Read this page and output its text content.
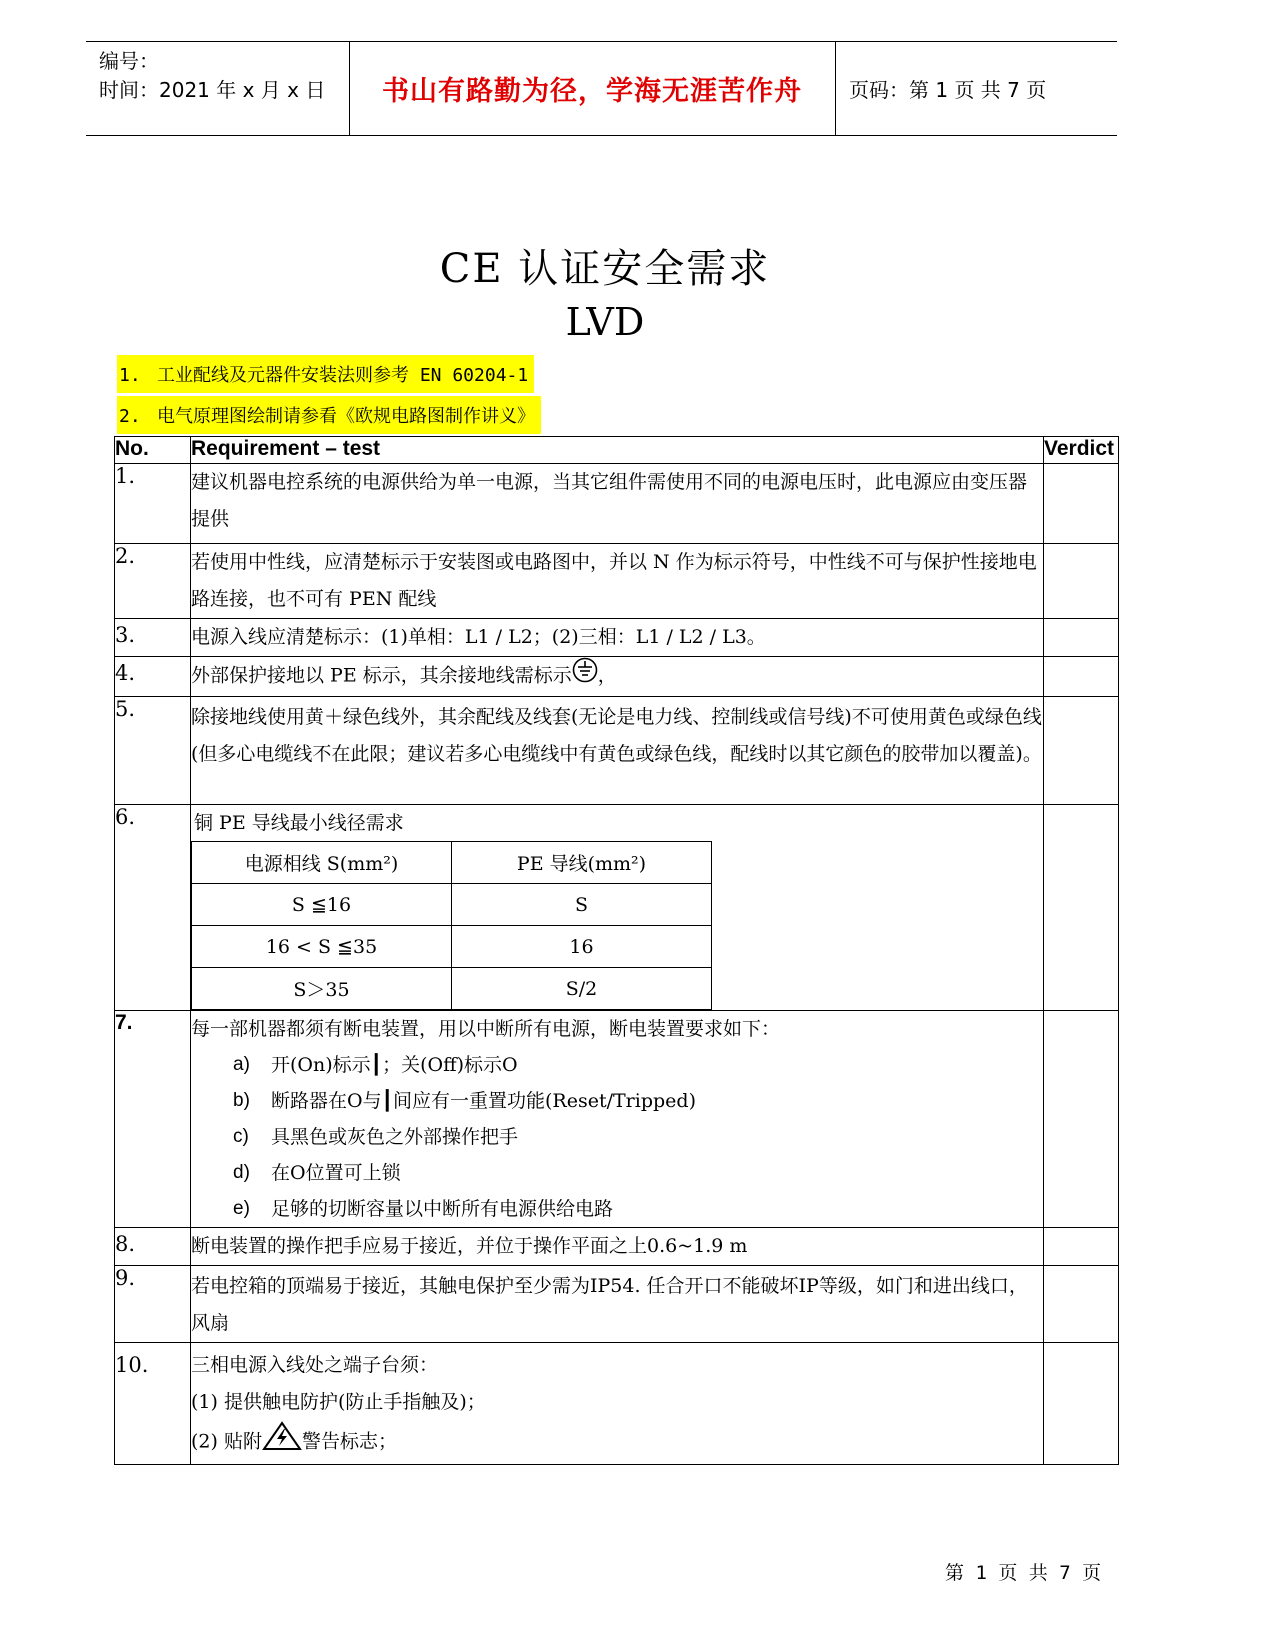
编号：
时间：2021 年 x 月 x 日	书山有路勤为径，学海无涯苦作舟	页码：第 1 页 共 7 页
CE 认证安全需求
LVD
1. 工业配线及元器件安装法则参考 EN 60204-1
2. 电气原理图绘制请参看《欧规电路图制作讲义》
No.	Requirement – test	Verdict
1.	建议机器电控系统的电源供给为单一电源，当其它组件需使用不同的电源电压时，此电源应由变压器提供	
2.	若使用中性线，应清楚标示于安装图或电路图中，并以 N 作为标示符号，中性线不可与保护性接地电路连接，也不可有 PEN 配线	
3.	电源入线应清楚标示：(1)单相：L1 / L2；(2)三相：L1 / L2 / L3。	
4.	外部保护接地以 PE 标示，其余接地线需标示 ，	
5.	除接地线使用黄＋绿色线外，其余配线及线套(无论是电力线、控制线或信号线)不可使用黄色或绿色线(但多心电缆线不在此限；建议若多心电缆线中有黄色或绿色线，配线时以其它颜色的胶带加以覆盖)。	
6.	铜 PE 导线最小线径需求
电源相线 S(mm²)	PE 导线(mm²)
S ≦16	S
16 < S ≦35	16
S＞35	S/2

7.	每一部机器都须有断电装置，用以中断所有电源，断电装置要求如下：
a)	开(On)标示┃；关(Off)标示O
b)	断路器在O与┃间应有一重置功能(Reset/Tripped)
c)	具黑色或灰色之外部操作把手
d)	在O位置可上锁
e)	足够的切断容量以中断所有电源供给电路

8.	断电装置的操作把手应易于接近，并位于操作平面之上0.6~1.9 m	
9.	若电控箱的顶端易于接近，其触电保护至少需为IP54. 任合开口不能破坏IP等级，如门和进出线口，风扇	
10.	三相电源入线处之端子台须：
(1) 提供触电防护(防止手指触及)；
(2) 贴附 警告标志；

第 1 页 共 7 页
